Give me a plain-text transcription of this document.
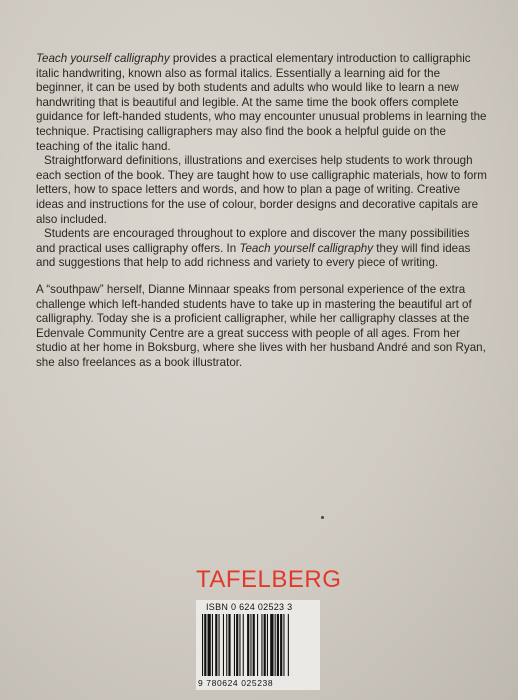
Teach yourself calligraphy provides a practical elementary introduction to calligraphic italic handwriting, known also as formal italics. Essentially a learning aid for the beginner, it can be used by both students and adults who would like to learn a new handwriting that is beautiful and legible. At the same time the book offers complete guidance for left-handed students, who may encounter unusual problems in learning the technique. Practising calligraphers may also find the book a helpful guide on the teaching of the italic hand.

Straightforward definitions, illustrations and exercises help students to work through each section of the book. They are taught how to use calligraphic materials, how to form letters, how to space letters and words, and how to plan a page of writing. Creative ideas and instructions for the use of colour, border designs and decorative capitals are also included.

Students are encouraged throughout to explore and discover the many possibilities and practical uses calligraphy offers. In Teach yourself calligraphy they will find ideas and suggestions that help to add richness and variety to every piece of writing.

A “southpaw” herself, Dianne Minnaar speaks from personal experience of the extra challenge which left-handed students have to take up in mastering the beautiful art of calligraphy. Today she is a proficient calligrapher, while her calligraphy classes at the Edenvale Community Centre are a great success with people of all ages. From her studio at her home in Boksburg, where she lives with her husband André and son Ryan, she also freelances as a book illustrator.

TAFELBERG
ISBN 0 624 02523 3
9 780624 025238
